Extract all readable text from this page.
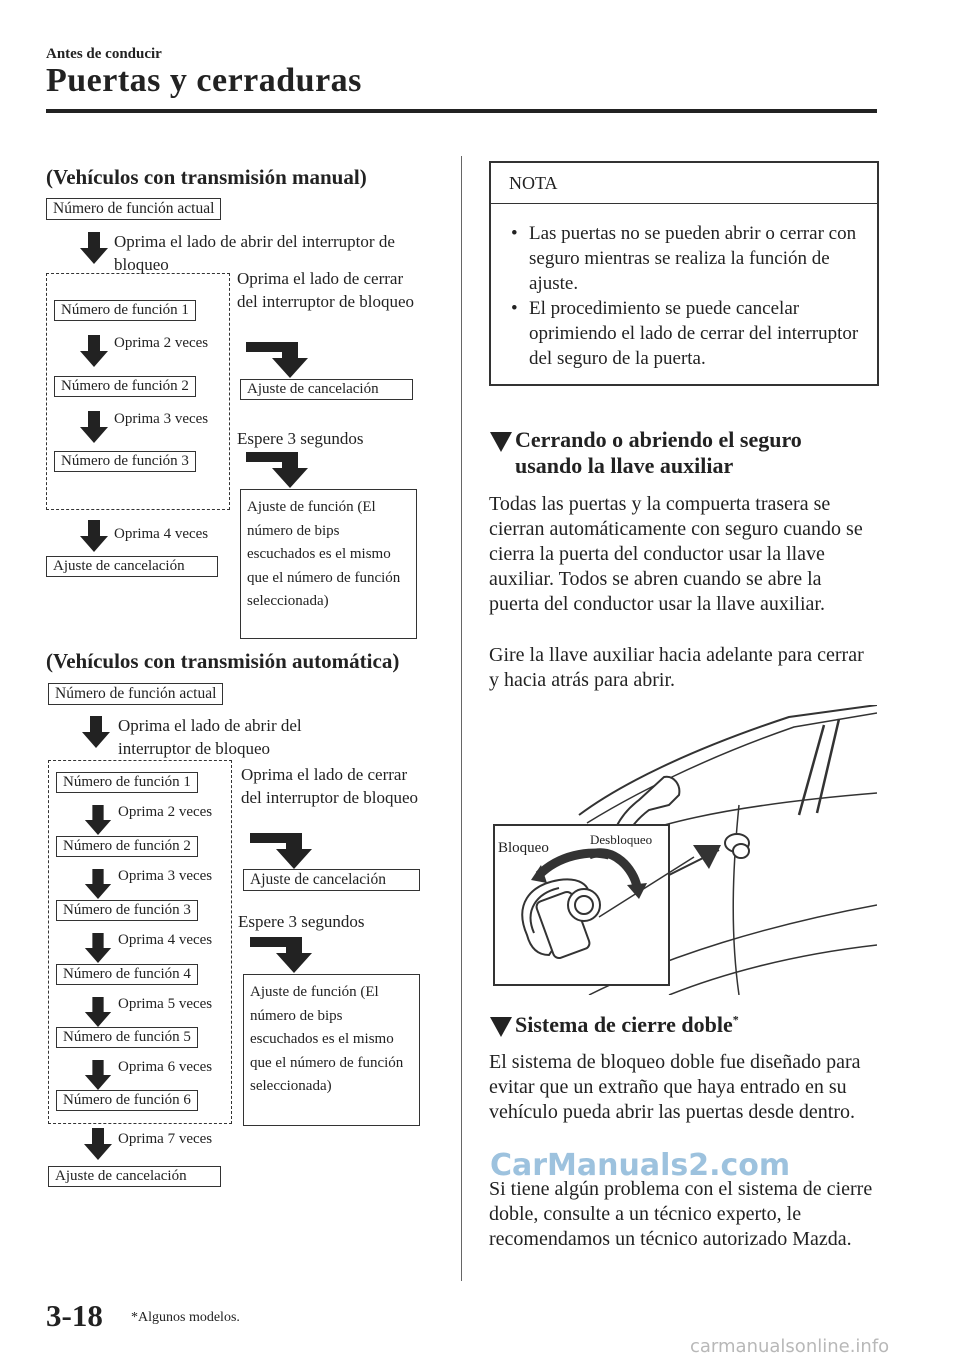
Antes de conducir
Puertas y cerraduras
(Vehículos con transmisión manual)
Número de función actual
Oprima el lado de abrir del interruptor de bloqueo
Número de función 1
Oprima 2 veces
Número de función 2
Oprima 3 veces
Número de función 3
Oprima 4 veces
Ajuste de cancelación
Oprima el lado de cerrar del interruptor de bloqueo
Ajuste de cancelación
Espere 3 segundos
Ajuste de función (El número de bips escuchados es el mismo que el número de función seleccionada)
(Vehículos con transmisión automática)
Número de función actual
Oprima el lado de abrir del interruptor de bloqueo
Número de función 1
Oprima 2 veces
Número de función 2
Oprima 3 veces
Número de función 3
Oprima 4 veces
Número de función 4
Oprima 5 veces
Número de función 5
Oprima 6 veces
Número de función 6
Oprima 7 veces
Ajuste de cancelación
Oprima el lado de cerrar del interruptor de bloqueo
Ajuste de cancelación
Espere 3 segundos
Ajuste de función (El número de bips escuchados es el mismo que el número de función seleccionada)
NOTA
• Las puertas no se pueden abrir o cerrar con seguro mientras se realiza la función de ajuste.
• El procedimiento se puede cancelar oprimiendo el lado de cerrar del interruptor del seguro de la puerta.
Cerrando o abriendo el seguro usando la llave auxiliar
Todas las puertas y la compuerta trasera se cierran automáticamente con seguro cuando se cierra la puerta del conductor usar la llave auxiliar. Todos se abren cuando se abre la puerta del conductor usar la llave auxiliar.
Gire la llave auxiliar hacia adelante para cerrar y hacia atrás para abrir.
Bloqueo
Desbloqueo
Sistema de cierre doble*
El sistema de bloqueo doble fue diseñado para evitar que un extraño que haya entrado en su vehículo pueda abrir las puertas desde dentro.
Si tiene algún problema con el sistema de cierre doble, consulte a un técnico experto, le recomendamos un técnico autorizado Mazda.
CarManuals2.com
3-18 *Algunos modelos.
carmanualsonline.info
